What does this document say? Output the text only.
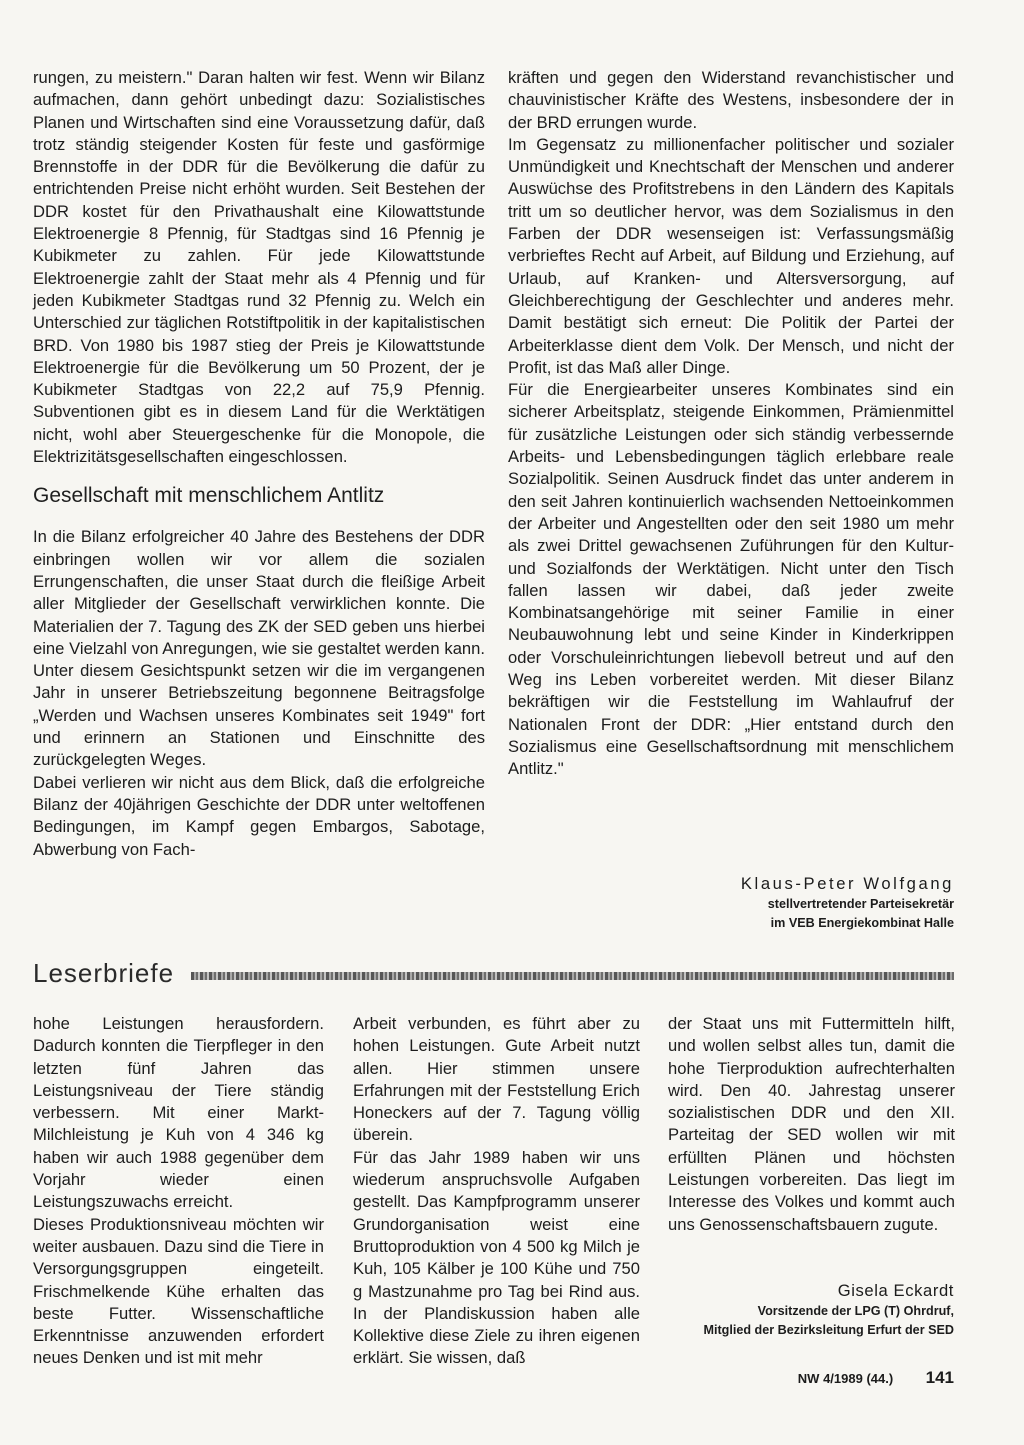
rungen, zu meistern." Daran halten wir fest. Wenn wir Bilanz aufmachen, dann gehört unbedingt dazu: Sozialistisches Planen und Wirtschaften sind eine Voraussetzung dafür, daß trotz ständig steigender Kosten für feste und gasförmige Brennstoffe in der DDR für die Bevölkerung die dafür zu entrichtenden Preise nicht erhöht wurden. Seit Bestehen der DDR kostet für den Privathaushalt eine Kilowattstunde Elektroenergie 8 Pfennig, für Stadtgas sind 16 Pfennig je Kubikmeter zu zahlen. Für jede Kilowattstunde Elektroenergie zahlt der Staat mehr als 4 Pfennig und für jeden Kubikmeter Stadtgas rund 32 Pfennig zu. Welch ein Unterschied zur täglichen Rotstiftpolitik in der kapitalistischen BRD. Von 1980 bis 1987 stieg der Preis je Kilowattstunde Elektroenergie für die Bevölkerung um 50 Prozent, der je Kubikmeter Stadtgas von 22,2 auf 75,9 Pfennig. Subventionen gibt es in diesem Land für die Werktätigen nicht, wohl aber Steuergeschenke für die Monopole, die Elektrizitätsgesellschaften eingeschlossen.

Gesellschaft mit menschlichem Antlitz

In die Bilanz erfolgreicher 40 Jahre des Bestehens der DDR einbringen wollen wir vor allem die sozialen Errungenschaften, die unser Staat durch die fleißige Arbeit aller Mitglieder der Gesellschaft verwirklichen konnte. Die Materialien der 7. Tagung des ZK der SED geben uns hierbei eine Vielzahl von Anregungen, wie sie gestaltet werden kann. Unter diesem Gesichtspunkt setzen wir die im vergangenen Jahr in unserer Betriebszeitung begonnene Beitragsfolge „Werden und Wachsen unseres Kombinates seit 1949" fort und erinnern an Stationen und Einschnitte des zurückgelegten Weges.

Dabei verlieren wir nicht aus dem Blick, daß die erfolgreiche Bilanz der 40jährigen Geschichte der DDR unter weltoffenen Bedingungen, im Kampf gegen Embargos, Sabotage, Abwerbung von Fach-

kräften und gegen den Widerstand revanchistischer und chauvinistischer Kräfte des Westens, insbesondere der in der BRD errungen wurde.

Im Gegensatz zu millionenfacher politischer und sozialer Unmündigkeit und Knechtschaft der Menschen und anderer Auswüchse des Profitstrebens in den Ländern des Kapitals tritt um so deutlicher hervor, was dem Sozialismus in den Farben der DDR wesenseigen ist: Verfassungsmäßig verbrieftes Recht auf Arbeit, auf Bildung und Erziehung, auf Urlaub, auf Kranken- und Altersversorgung, auf Gleichberechtigung der Geschlechter und anderes mehr. Damit bestätigt sich erneut: Die Politik der Partei der Arbeiterklasse dient dem Volk. Der Mensch, und nicht der Profit, ist das Maß aller Dinge.

Für die Energiearbeiter unseres Kombinates sind ein sicherer Arbeitsplatz, steigende Einkommen, Prämienmittel für zusätzliche Leistungen oder sich ständig verbessernde Arbeits- und Lebensbedingungen täglich erlebbare reale Sozialpolitik. Seinen Ausdruck findet das unter anderem in den seit Jahren kontinuierlich wachsenden Nettoeinkommen der Arbeiter und Angestellten oder den seit 1980 um mehr als zwei Drittel gewachsenen Zuführungen für den Kultur- und Sozialfonds der Werktätigen. Nicht unter den Tisch fallen lassen wir dabei, daß jeder zweite Kombinatsangehörige mit seiner Familie in einer Neubauwohnung lebt und seine Kinder in Kinderkrippen oder Vorschuleinrichtungen liebevoll betreut und auf den Weg ins Leben vorbereitet werden. Mit dieser Bilanz bekräftigen wir die Feststellung im Wahlaufruf der Nationalen Front der DDR: „Hier entstand durch den Sozialismus eine Gesellschaftsordnung mit menschlichem Antlitz."

Klaus-Peter Wolfgang
stellvertretender Parteisekretär
im VEB Energiekombinat Halle
Leserbriefe

hohe Leistungen herausfordern. Dadurch konnten die Tierpfleger in den letzten fünf Jahren das Leistungsniveau der Tiere ständig verbessern. Mit einer Markt-Milchleistung je Kuh von 4 346 kg haben wir auch 1988 gegenüber dem Vorjahr wieder einen Leistungszuwachs erreicht.

Dieses Produktionsniveau möchten wir weiter ausbauen. Dazu sind die Tiere in Versorgungsgruppen eingeteilt. Frischmelkende Kühe erhalten das beste Futter. Wissenschaftliche Erkenntnisse anzuwenden erfordert neues Denken und ist mit mehr

Arbeit verbunden, es führt aber zu hohen Leistungen. Gute Arbeit nutzt allen. Hier stimmen unsere Erfahrungen mit der Feststellung Erich Honeckers auf der 7. Tagung völlig überein.

Für das Jahr 1989 haben wir uns wiederum anspruchsvolle Aufgaben gestellt. Das Kampfprogramm unserer Grundorganisation weist eine Bruttoproduktion von 4 500 kg Milch je Kuh, 105 Kälber je 100 Kühe und 750 g Mastzunahme pro Tag bei Rind aus. In der Plandiskussion haben alle Kollektive diese Ziele zu ihren eigenen erklärt. Sie wissen, daß

der Staat uns mit Futtermitteln hilft, und wollen selbst alles tun, damit die hohe Tierproduktion aufrechterhalten wird. Den 40. Jahrestag unserer sozialistischen DDR und den XII. Parteitag der SED wollen wir mit erfüllten Plänen und höchsten Leistungen vorbereiten. Das liegt im Interesse des Volkes und kommt auch uns Genossenschaftsbauern zugute.

Gisela Eckardt
Vorsitzende der LPG (T) Ohrdruf,
Mitglied der Bezirksleitung Erfurt der SED
NW 4/1989 (44.) 141
